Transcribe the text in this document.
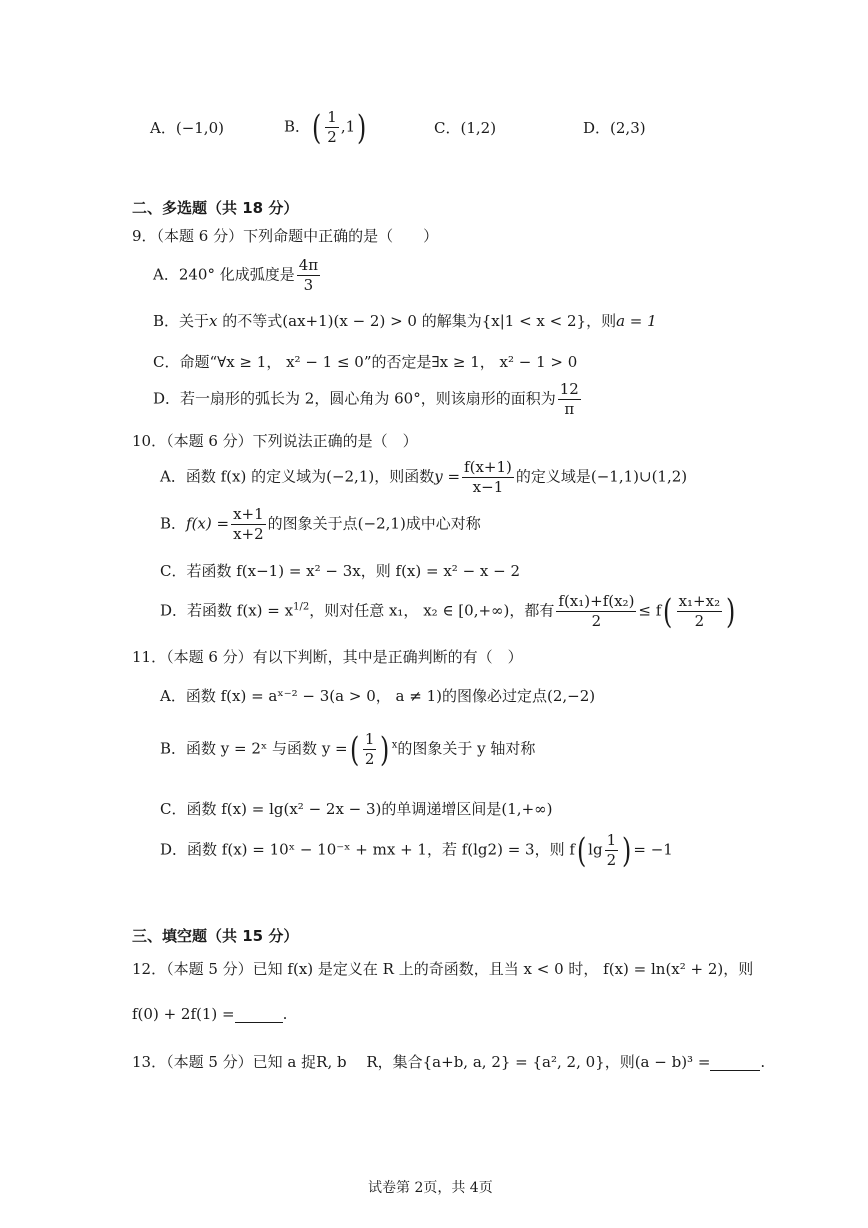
A．(−1,0)	B．( $\frac{1}{2} ,1$)	C．(1,2)	D．(2,3)
二、多选题（共 18 分）
9．（本题 6 分）下列命题中正确的是（　　）
A．240° 化成弧度是 $\frac{4\pi}{3}$
B．关于x 的不等式(ax+1)(x − 2) > 0 的解集为{x|1 < x < 2}，则a = 1
C．命题“∀x ≥ 1， x² − 1 ≤ 0”的否定是∃x ≥ 1， x² − 1 > 0
D．若一扇形的弧长为 2，圆心角为 60°，则该扇形的面积为 $\frac{12}{\pi}$
10．（本题 6 分）下列说法正确的是（　）
A．函数 f(x) 的定义域为(−2,1)，则函数$y = \frac{f(x+1)}{x-1}$ 的定义域是(−1,1)∪(1,2)
B．$f(x) = \frac{x+1}{x+2}$ 的图象关于点(−2,1)成中心对称
C．若函数 f(x−1) = x² − 3x，则 f(x) = x² − x − 2
D．若函数 $f(x) = x^{1/2}$，则对任意 x₁， x₂ ∈ [0,+∞)，都有 $\frac{\text{f(x₁)+f(x₂)}}{2} \le f( \frac{\text{x₁+x₂}}{2}$ )
11．（本题 6 分）有以下判断，其中是正确判断的有（　）
A．函数 f(x) = aˣ⁻² − 3(a > 0， a ≠ 1)的图像必过定点(2,−2)
B．函数 y = 2ˣ 与函数 y =( $\frac{1}{2}$ ) $^x$的图象关于 y 轴对称
C．函数 f(x) = lg(x² − 2x − 3)的单调递增区间是(1,+∞)
D．函数 f(x) = 10ˣ − 10⁻ˣ + mx + 1，若 f(lg2) = 3，则 f( $\lg \frac{1}{2}$ ) = −1
三、填空题（共 15 分）
12．（本题 5 分）已知 f(x) 是定义在 R 上的奇函数，且当 x < 0 时， f(x) = ln(x² + 2)，则
f(0) + 2f(1) =	.
13．（本题 5 分）已知 a 捉R, b 　R，集合{a+b, a, 2} = {a², 2, 0}，则(a − b)³ =	.
试卷第 2页，共 4页
